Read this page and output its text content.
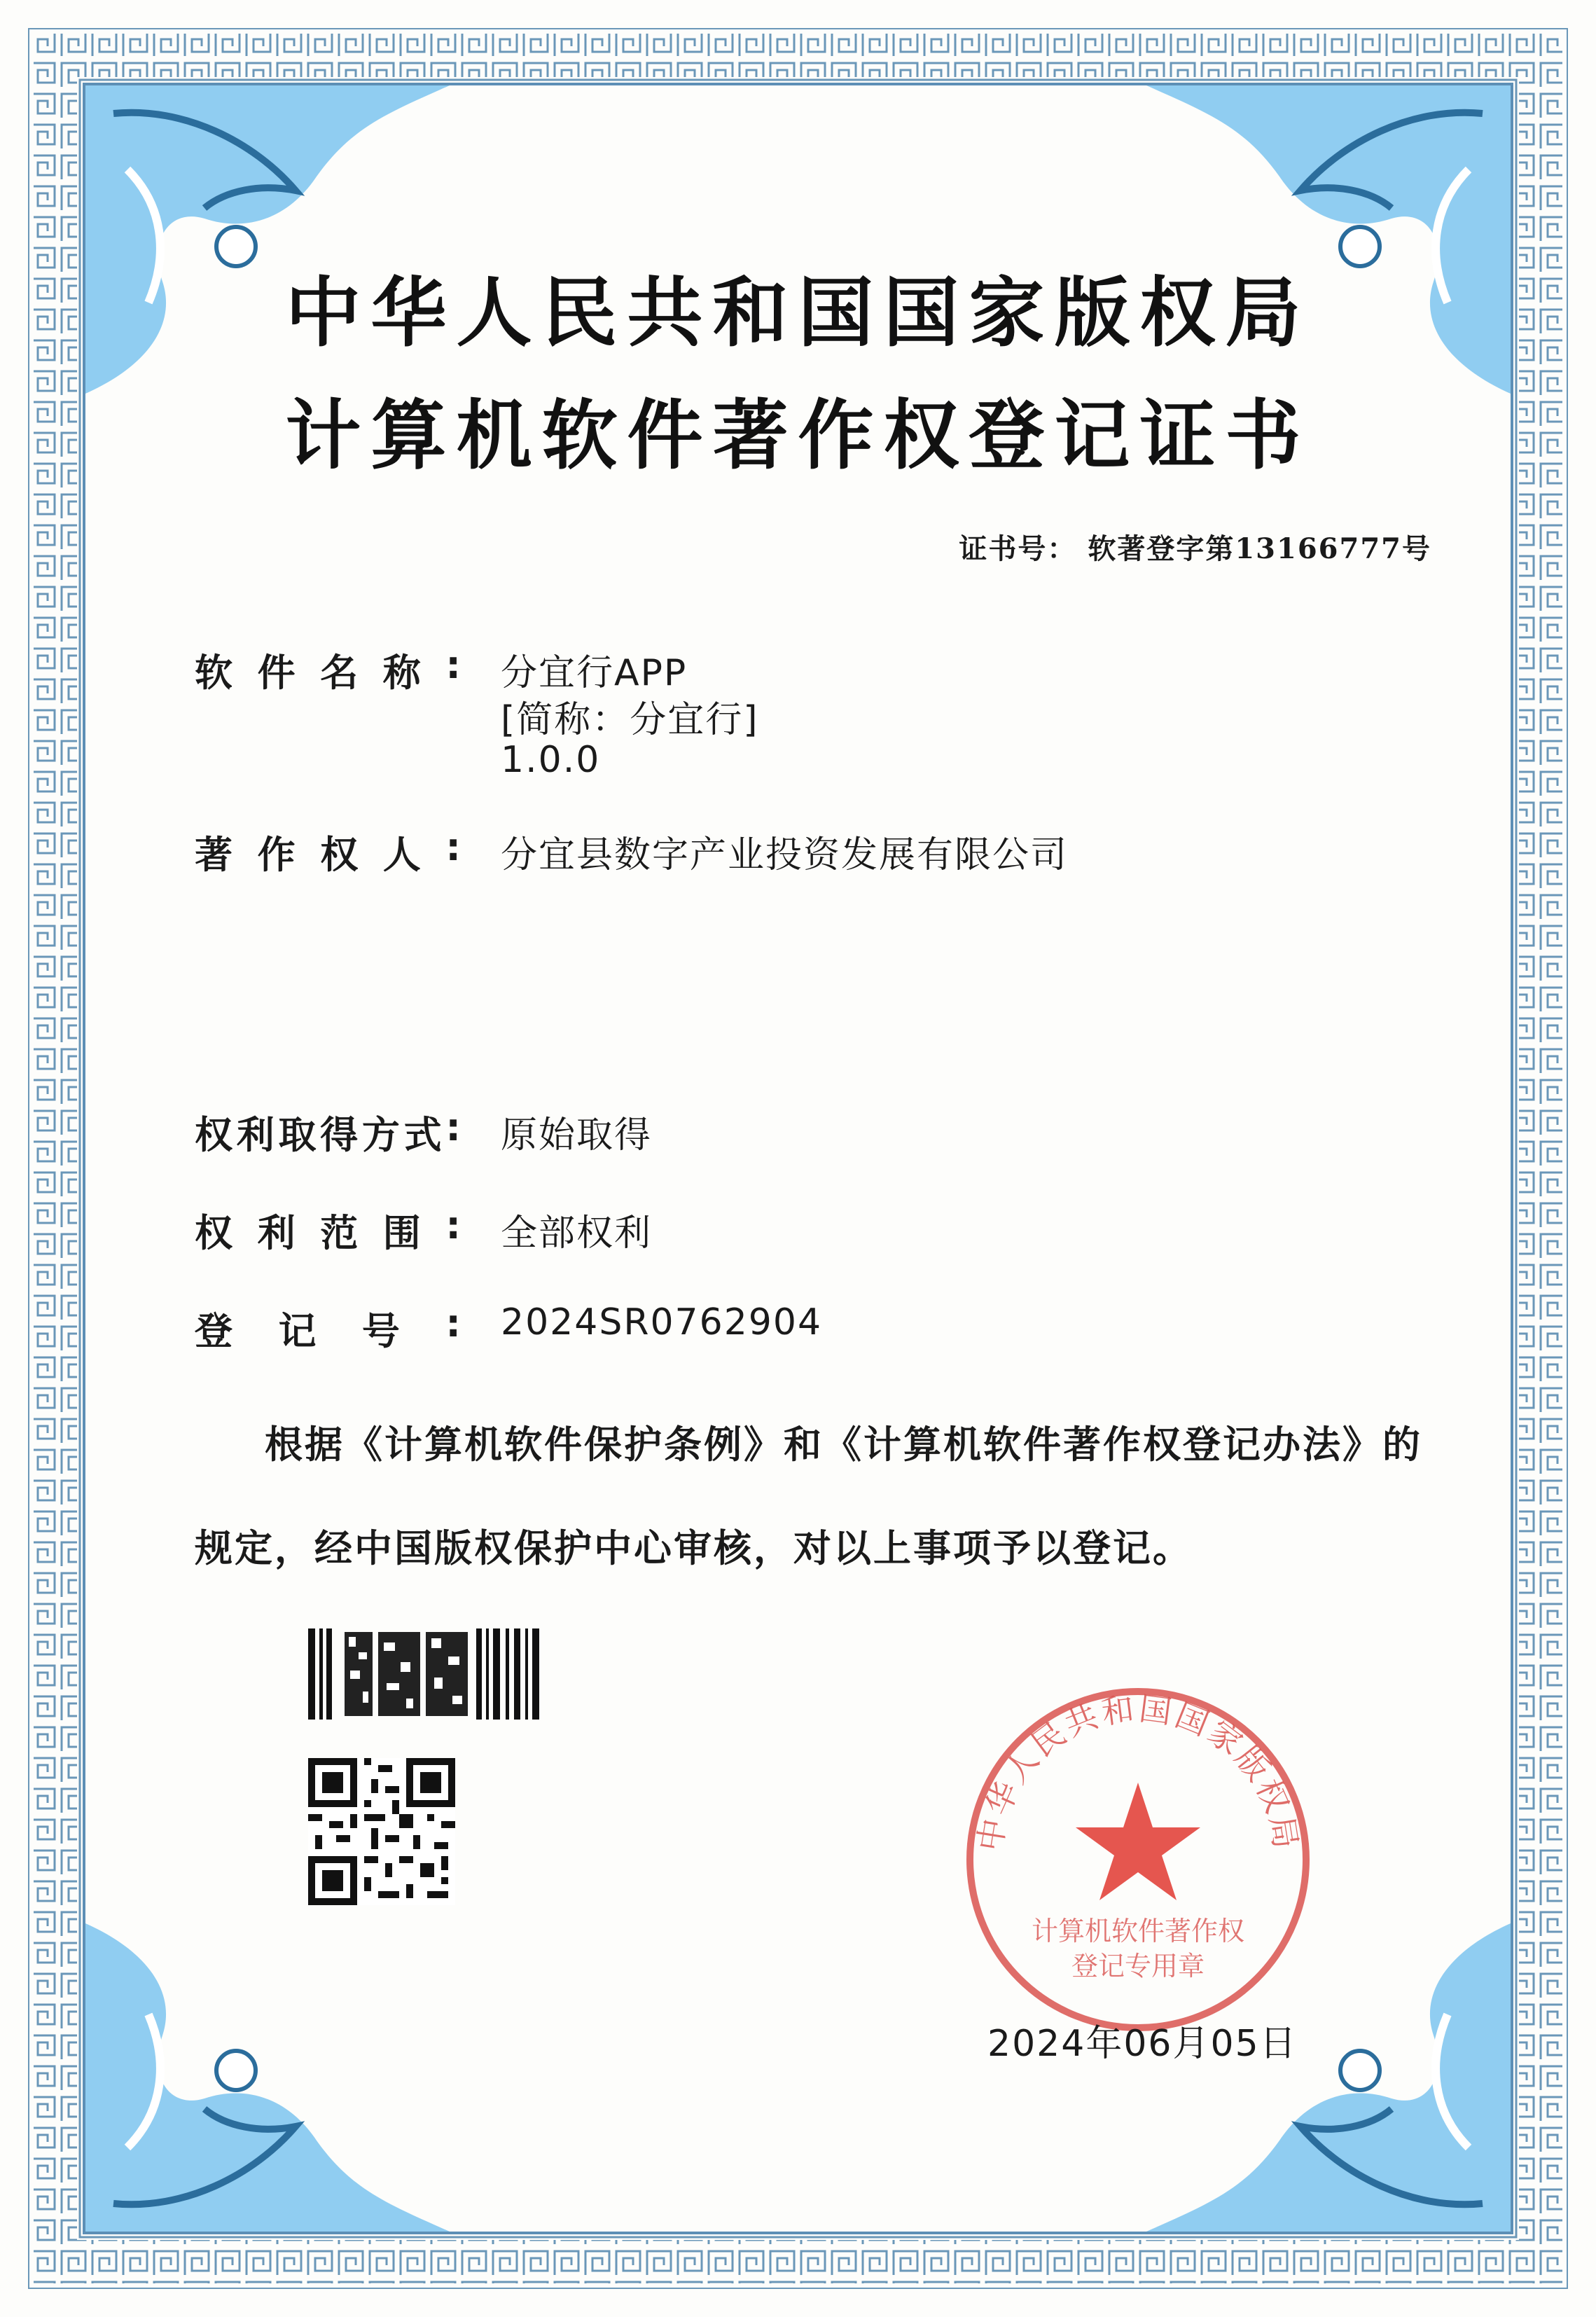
中华人民共和国国家版权局
计算机软件著作权登记证书
证书号： 软著登字第13166777号
软 件 名 称 : 分宜行APP
[简称：分宜行]
1.0.0
著 作 权 人 : 分宜县数字产业投资发展有限公司
权 利 取 得 方 式 : 原始取得
权 利 范 围 : 全部权利
登 记 号 : 2024SR0762904
根据《计算机软件保护条例》和《计算机软件著作权登记办法》的
规定，经中国版权保护中心审核，对以上事项予以登记。
中华人民共和国国家版权局
计算机软件著作权
登记专用章
2024年06月05日
